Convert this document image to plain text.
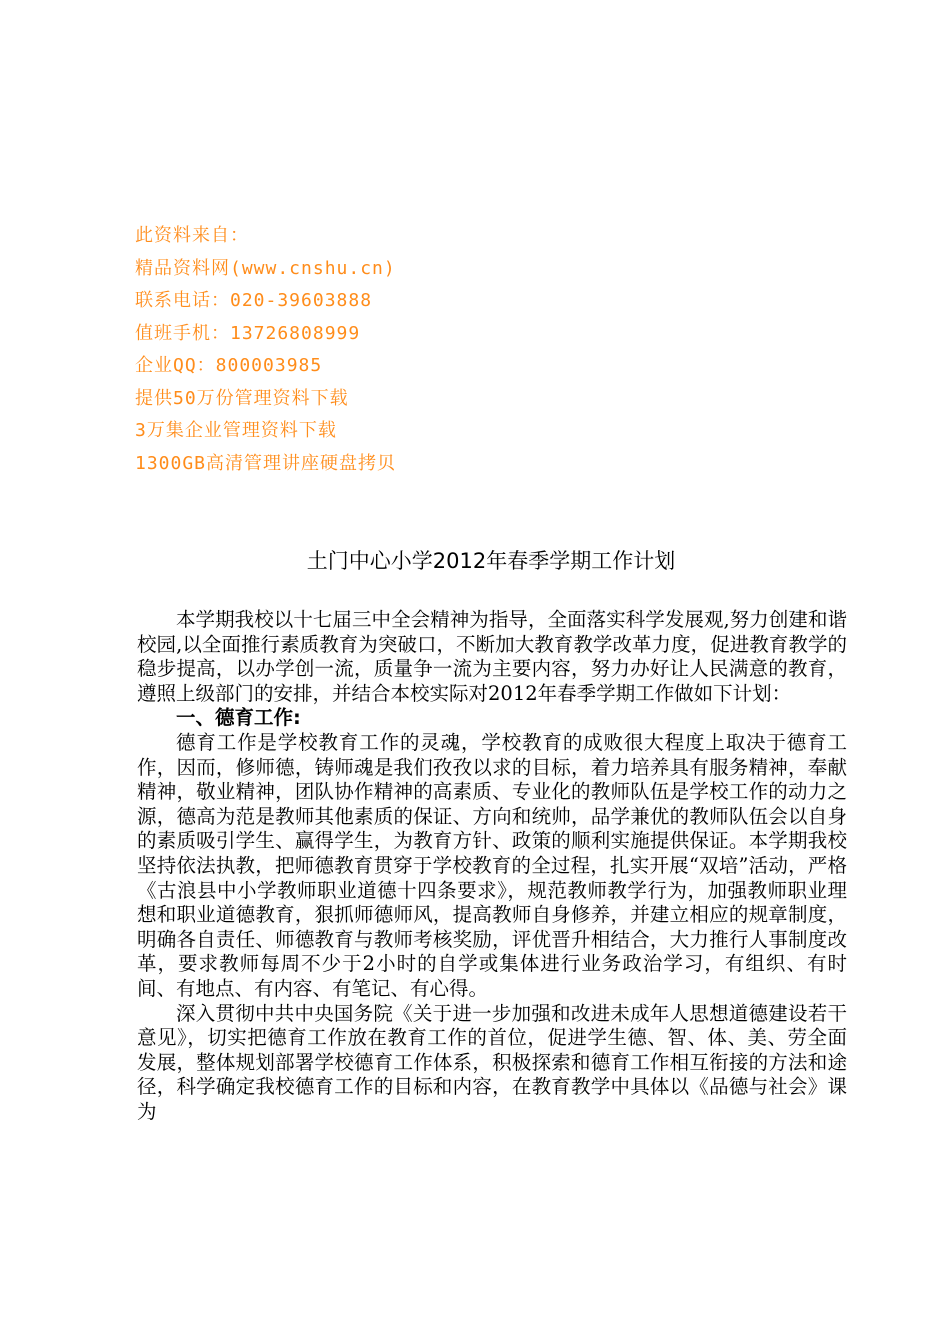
此资料来自：
精品资料网(www.cnshu.cn)
联系电话：020-39603888
值班手机：13726808999
企业QQ：800003985
提供50万份管理资料下载
3万集企业管理资料下载
1300GB高清管理讲座硬盘拷贝
土门中心小学2012年春季学期工作计划

本学期我校以十七届三中全会精神为指导，全面落实科学发展观,努力创建和谐校园,以全面推行素质教育为突破口，不断加大教育教学改革力度，促进教育教学的稳步提高，以办学创一流，质量争一流为主要内容，努力办好让人民满意的教育，遵照上级部门的安排，并结合本校实际对2012年春季学期工作做如下计划：

一、德育工作:

德育工作是学校教育工作的灵魂，学校教育的成败很大程度上取决于德育工作，因而，修师德，铸师魂是我们孜孜以求的目标，着力培养具有服务精神，奉献精神，敬业精神，团队协作精神的高素质、专业化的教师队伍是学校工作的动力之源，德高为范是教师其他素质的保证、方向和统帅，品学兼优的教师队伍会以自身的素质吸引学生、赢得学生，为教育方针、政策的顺利实施提供保证。本学期我校坚持依法执教，把师德教育贯穿于学校教育的全过程，扎实开展“双培”活动，严格《古浪县中小学教师职业道德十四条要求》，规范教师教学行为，加强教师职业理想和职业道德教育，狠抓师德师风，提高教师自身修养，并建立相应的规章制度，明确各自责任、师德教育与教师考核奖励，评优晋升相结合，大力推行人事制度改革，要求教师每周不少于2小时的自学或集体进行业务政治学习，有组织、有时间、有地点、有内容、有笔记、有心得。

深入贯彻中共中央国务院《关于进一步加强和改进未成年人思想道德建设若干意见》，切实把德育工作放在教育工作的首位，促进学生德、智、体、美、劳全面发展，整体规划部署学校德育工作体系，积极探索和德育工作相互衔接的方法和途径，科学确定我校德育工作的目标和内容，在教育教学中具体以《品德与社会》课为
